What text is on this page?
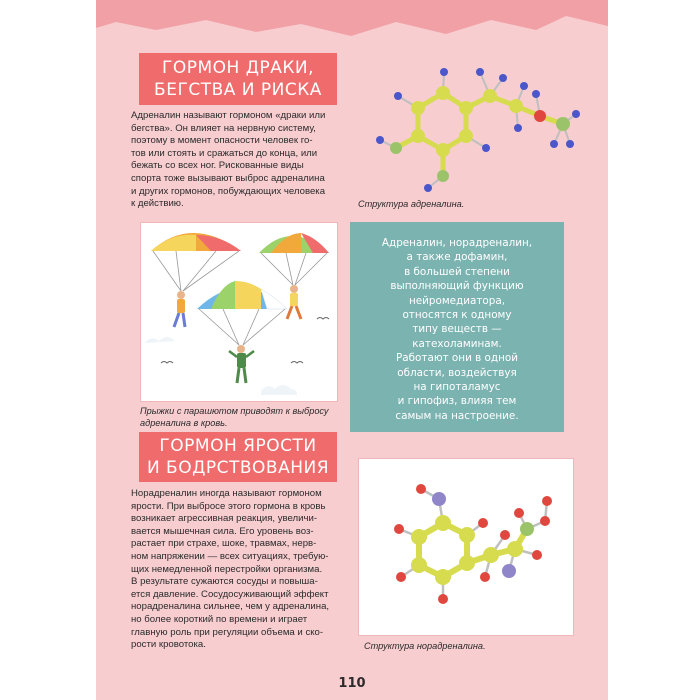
ГОРМОН ДРАКИ,
БЕГСТВА И РИСКА

Адреналин называют гормоном «драки или

бегства». Он влияет на нервную систему,

поэтому в момент опасности человек го-

тов или стоять и сражаться до конца, или

бежать со всех ног. Рискованные виды

спорта тоже вызывают выброс адреналина

и других гормонов, побуждающих человека

к действию.	Структура адреналина.
Прыжки с парашютом приводят к выбросу
адреналина в кровь.
Адреналин, норадреналин,
а также дофамин,
в большей степени
выполняющий функцию
нейромедиатора,
относятся к одному
типу веществ —
катехоламинам.
Работают они в одной
области, воздействуя
на гипоталамус
и гипофиз, влияя тем
самым на настроение.
ГОРМОН ЯРОСТИ
И БОДРСТВОВАНИЯ

Норадреналин иногда называют гормоном

ярости. При выбросе этого гормона в кровь

возникает агрессивная реакция, увеличи-

вается мышечная сила. Его уровень воз-

растает при страхе, шоке, травмах, нерв-

ном напряжении — всех ситуациях, требую-

щих немедленной перестройки организма.

В результате сужаются сосуды и повыша-

ется давление. Сосудосуживающий эффект

норадреналина сильнее, чем у адреналина,

но более короткий по времени и играет

главную роль при регуляции объема и ско-

рости кровотока.	Структура норадреналина.
110
